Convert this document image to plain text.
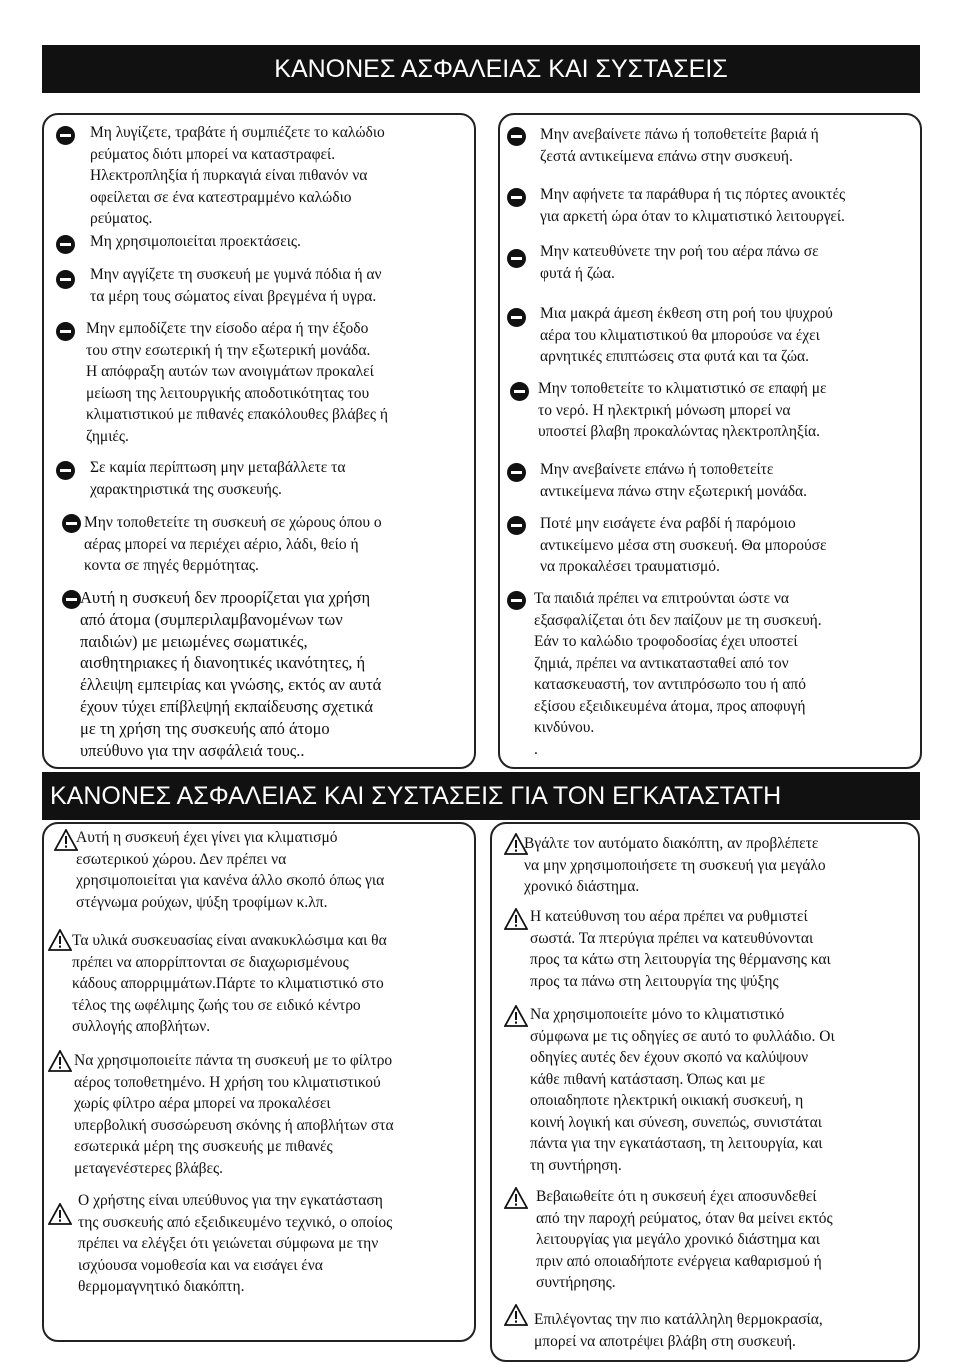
ΚΑΝΟΝΕΣ ΑΣΦΑΛΕΙΑΣ ΚΑΙ ΣΥΣΤΑΣΕΙΣ
Μη λυγίζετε, τραβάτε ή συμπιέζετε το καλώδιο
ρεύματος διότι μπορεί να καταστραφεί.
Ηλεκτροπληξία ή πυρκαγιά είναι πιθανόν να
οφείλεται σε ένα κατεστραμμένο καλώδιο
ρεύματος.
Μη χρησιμοποιείται προεκτάσεις.
Μην αγγίζετε τη συσκευή με γυμνά πόδια ή αν
τα μέρη τους σώματος είναι βρεγμένα ή υγρα.
Μην εμποδίζετε την είσοδο αέρα ή την έξοδο
του στην εσωτερική ή την εξωτερική μονάδα.
Η απόφραξη αυτών των ανοιγμάτων προκαλεί
μείωση της λειτουργικής αποδοτικότητας του
κλιματιστικού με πιθανές επακόλουθες βλάβες ή
ζημιές.
Σε καμία περίπτωση μην μεταβάλλετε τα
χαρακτηριστικά της συσκευής.
Μην τοποθετείτε τη συσκευή σε χώρους όπου ο
αέρας μπορεί να περιέχει αέριο, λάδι, θείο ή
κοντα σε πηγές θερμότητας.
Αυτή η συσκευή δεν προορίζεται για χρήση
από άτομα (συμπεριλαμβανομένων των
παιδιών) με μειωμένες σωματικές,
αισθητηριακες ή διανοητικές ικανότητες, ή
έλλειψη εμπειρίας και γνώσης, εκτός αν αυτά
έχουν τύχει επίβλεψηή εκπαίδευσης σχετικά
με τη χρήση της συσκευής από άτομο
υπεύθυνο για την ασφάλειά τους..
Μην ανεβαίνετε πάνω ή τοποθετείτε βαριά ή
ζεστά αντικείμενα επάνω στην συσκευή.
Μην αφήνετε τα παράθυρα ή τις πόρτες ανοικτές
για αρκετή ώρα όταν το κλιματιστικό λειτουργεί.
Μην κατευθύνετε την ροή του αέρα πάνω σε
φυτά ή ζώα.
Μια μακρά άμεση έκθεση στη ροή του ψυχρού
αέρα του κλιματιστικού θα μπορούσε να έχει
αρνητικές επιπτώσεις στα φυτά και τα ζώα.
Μην τοποθετείτε το κλιματιστικό σε επαφή με
το νερό. Η ηλεκτρική μόνωση μπορεί να
υποστεί βλαβη προκαλώντας ηλεκτροπληξία.
Μην ανεβαίνετε επάνω ή τοποθετείτε
αντικείμενα πάνω στην εξωτερική μονάδα.
Ποτέ μην εισάγετε ένα ραβδί ή παρόμοιο
αντικείμενο μέσα στη συσκευή. Θα μπορούσε
να προκαλέσει τραυματισμό.
Τα παιδιά πρέπει να επιτρούνται ώστε να
εξασφαλίζεται ότι δεν παίζουν με τη συσκευή.
Εάν το καλώδιο τροφοδοσίας έχει υποστεί
ζημιά, πρέπει να αντικατασταθεί από τον
κατασκευαστή, τον αντιπρόσωπο του ή από
εξίσου εξειδικευμένα άτομα, προς αποφυγή
κινδύνου.
.
ΚΑΝΟΝΕΣ ΑΣΦΑΛΕΙΑΣ ΚΑΙ ΣΥΣΤΑΣΕΙΣ ΓΙΑ ΤΟΝ ΕΓΚΑΤΑΣΤΑΤΗ
Αυτή η συσκευή έχει γίνει για κλιματισμό
εσωτερικού χώρου. Δεν πρέπει να
χρησιμοποιείται για κανένα άλλο σκοπό όπως για
στέγνωμα ρούχων, ψύξη τροφίμων κ.λπ.
Τα υλικά συσκευασίας είναι ανακυκλώσιμα και θα
πρέπει να απορρίπτονται σε διαχωρισμένους
κάδους απορριμμάτων.Πάρτε το κλιματιστικό στο
τέλος της ωφέλιμης ζωής του σε ειδικό κέντρο
συλλογής αποβλήτων.
Να χρησιμοποιείτε πάντα τη συσκευή με το φίλτρο
αέρος τοποθετημένο. Η χρήση του κλιματιστικού
χωρίς φίλτρο αέρα μπορεί να προκαλέσει
υπερβολική συσσώρευση σκόνης ή αποβλήτων στα
εσωτερικά μέρη της συσκευής με πιθανές
μεταγενέστερες βλάβες.
Ο χρήστης είναι υπεύθυνος για την εγκατάσταση
της συσκευής από εξειδικευμένο τεχνικό, ο οποίος
πρέπει να ελέγξει ότι γειώνεται σύμφωνα με την
ισχύουσα νομοθεσία και να εισάγει ένα
θερμομαγνητικό διακόπτη.
Βγάλτε τον αυτόματο διακόπτη, αν προβλέπετε
να μην χρησιμοποιήσετε τη συσκευή για μεγάλο
χρονικό διάστημα.
Η κατεύθυνση του αέρα πρέπει να ρυθμιστεί
σωστά. Τα πτερύγια πρέπει να κατευθύνονται
προς τα κάτω στη λειτουργία της θέρμανσης και
προς τα πάνω στη λειτουργία της ψύξης
Να χρησιμοποιείτε μόνο το κλιματιστικό
σύμφωνα με τις οδηγίες σε αυτό το φυλλάδιο. Οι
οδηγίες αυτές δεν έχουν σκοπό να καλύψουν
κάθε πιθανή κατάσταση. Όπως και με
οποιαδηποτε ηλεκτρική οικιακή συσκευή, η
κοινή λογική και σύνεση, συνεπώς, συνιστάται
πάντα για την εγκατάσταση, τη λειτουργία, και
τη συντήρηση.
Βεβαιωθείτε ότι η συκσευή έχει αποσυνδεθεί
από την παροχή ρεύματος, όταν θα μείνει εκτός
λειτουργίας για μεγάλο χρονικό διάστημα και
πριν από οποιαδήποτε ενέργεια καθαρισμού ή
συντήρησης.
Επιλέγοντας την πιο κατάλληλη θερμοκρασία,
μπορεί να αποτρέψει βλάβη στη συσκευή.
